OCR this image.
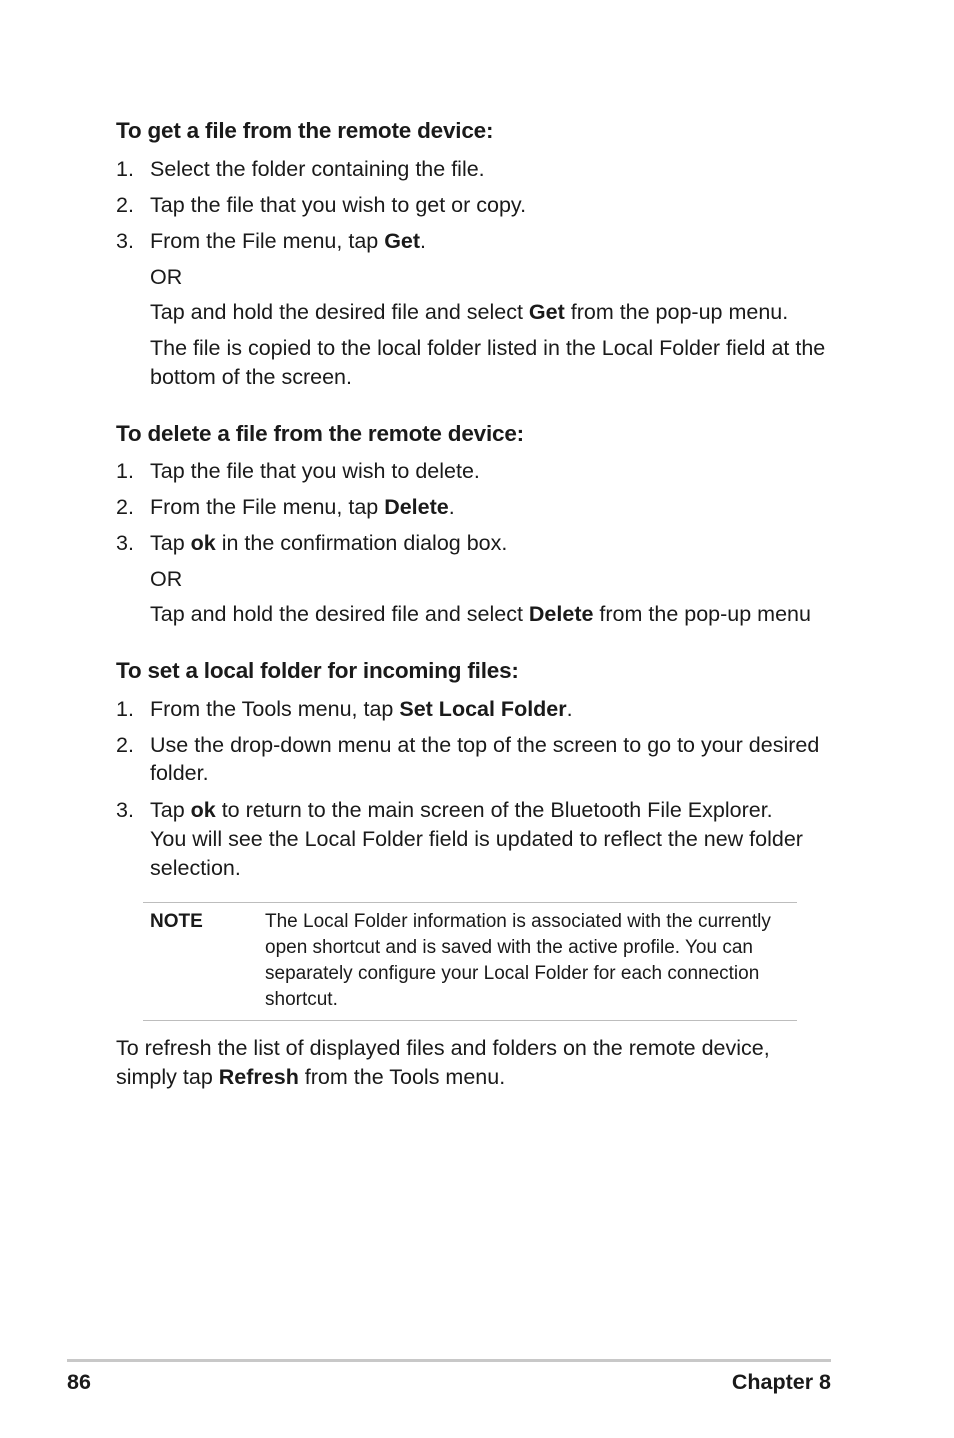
To get a file from the remote device:
1. Select the folder containing the file.
2. Tap the file that you wish to get or copy.
3. From the File menu, tap Get.
OR
Tap and hold the desired file and select Get from the pop-up menu.
The file is copied to the local folder listed in the Local Folder field at the
bottom of the screen.
To delete a file from the remote device:
1. Tap the file that you wish to delete.
2. From the File menu, tap Delete.
3. Tap ok in the confirmation dialog box.
OR
Tap and hold the desired file and select Delete from the pop-up menu
To set a local folder for incoming files:
1. From the Tools menu, tap Set Local Folder.
2. Use the drop-down menu at the top of the screen to go to your desired
folder.
3. Tap ok to return to the main screen of the Bluetooth File Explorer.
You will see the Local Folder field is updated to reflect the new folder
selection.
NOTE	The Local Folder information is associated with the currently
open shortcut and is saved with the active profile. You can
separately configure your Local Folder for each connection
shortcut.
To refresh the list of displayed files and folders on the remote device,
simply tap Refresh from the Tools menu.
86	Chapter 8
